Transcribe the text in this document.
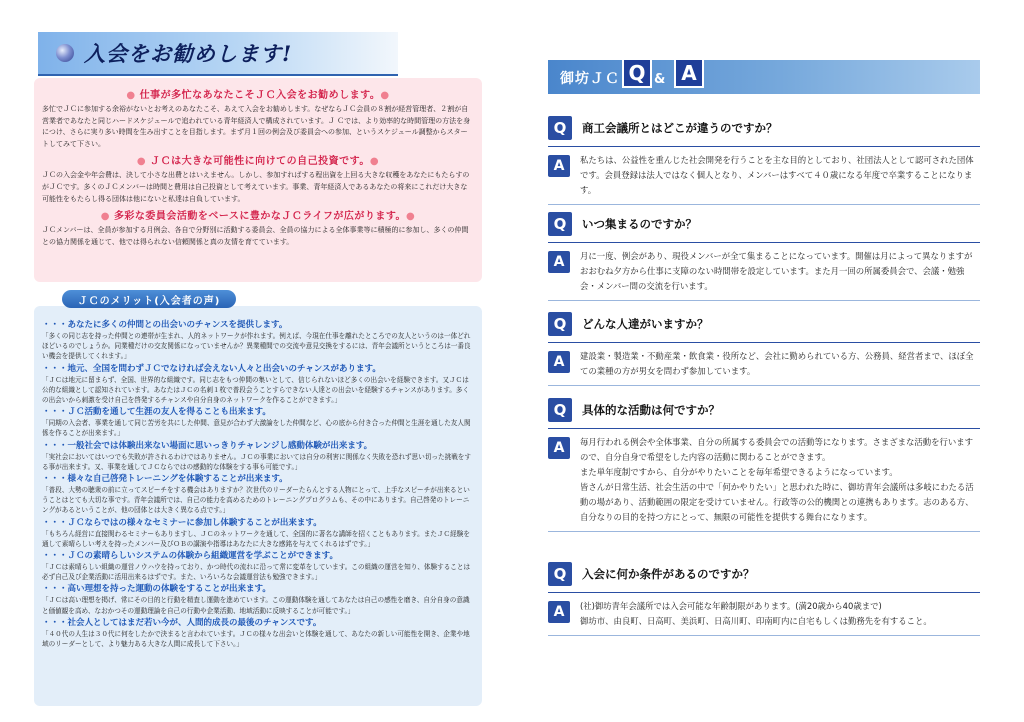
入会をお勧めします!
● 仕事が多忙なあなたこそＪＣ入会をお勧めします。●
多忙でＪＣに参加する余裕がないとお考えのあなたこそ、あえて入会をお勧めします。なぜならＪＣ会員の８割が経営管理者、２割が自営業者であなたと同じハードスケジュールで追われている青年経済人で構成されています。Ｊ Ｃでは、より効率的な時間管理の方法を身につけ、さらに実り多い時間を生み出すことを目指します。まず月１回の例会及び委員会への参加、というスケジュール調整からスタートしてみて下さい。
● ＪＣは大きな可能性に向けての自己投資です。●
ＪＣの入会金や年会費は、決して小さな出費とはいえません。しかし、参加すればする程出資を上回る大きな収穫をあなたにもたらすのがＪＣです。多くのＪＣメンバーは時間と費用は自己投資として考えています。事業、青年経済人であるあなたの将来にこれだけ大きな可能性をもたらし得る団体は他にないと私達は自負しています。
● 多彩な委員会活動をベースに豊かなＪＣライフが広がります。●
ＪＣメンバーは、全員が参加する月例会、各自で分野別に活動する委員会、全員の協力による全体事業等に積極的に参加し、多くの仲間との協力関係を通じて、他では得られない信頼関係と真の友情を育てています。
・・・あなたに多くの仲間との出会いのチャンスを提供します。
「多くの同じ志を持った仲間との連帯が生まれ、人的ネットワークが作れます。例えば、今現在仕事を離れたところでの友人というのは一体どれほどいるのでしょうか。同業種だけの交友関係になっていませんか？異業種間での交流や意見交換をするには、青年会議所というところは一番良い機会を提供してくれます。」
・・・地元、全国を問わずＪＣでなければ会えない人々と出会いのチャンスがあります。
「ＪＣは地元に留まらず、全国、世界的な組織です。同じ志をもつ仲間の集いとして、信じられないほど多くの出会いを経験できます。又ＪＣは公的な組織として認知されています。あなたはＪＣの名刺１枚で普段会うことすらできない人達との出会いを経験するチャンスがあります。多くの出会いから刺激を受け自己を啓発するチャンスや自分自身のネットワークを作ることができます。」
・・・ＪＣ活動を通して生涯の友人を得ることも出来ます。
「同期の入会者、事業を通して同じ苦労を共にした仲間、意見が合わず大激論をした仲間など、心の底から付き合った仲間と生涯を通した友人関係を作ることが出来ます。」
・・・一般社会では体験出来ない場面に思いっきりチャレンジし感動体験が出来ます。
「実社会においてはいつでも失敗が許されるわけではありません。ＪＣの事業においては自分の利害に関係なく失敗を恐れず思い切った挑戦をする事が出来ます。又、事業を通してＪＣならではの感動的な体験をする事も可能です。」
・・・様々な自己啓発トレーニングを体験することが出来ます。
「普段、大勢の聴衆の前に立ってスピーチをする機会はありますか？次世代のリーダーたらんとする人物にとって、上手なスピーチが出来るということはとても大切な事です。青年会議所では、自己の能力を高めるためのトレーニングプログラムも、その中にあります。自己啓発のトレーニングがあるということが、他の団体とは大きく異なる点です。」
・・・ＪＣならではの様々なセミナーに参加し体験することが出来ます。
「もちろん経営に直接関わるセミナーもありますし、ＪＣのネットワークを通して、全国的に著名な講師を招くこともあります。またＪＣ経験を通して素晴らしい考えを持ったメンバー及びＯＢの講演や指導はあなたに大きな感銘を与えてくれるはずです。」
・・・ＪＣの素晴らしいシステムの体験から組織運営を学ぶことができます。
「ＪＣは素晴らしい組織の運営ノウハウを持っており、かつ時代の流れに沿って常に変革をしています。この組織の運営を知り、体験することは必ず自己及び企業活動に活用出来るはずです。また、いろいろな会議運営法も勉強できます。」
・・・高い理想を持った運動の体験をすることが出来ます。
「ＪＣは高い理想を掲げ、常にその目的と行動を精査し運動を進めています。この運動体験を通してあなたは自己の感性を磨き、自分自身の意識と価値観を高め、なおかつその運動理論を自己の行動や企業活動、地域活動に反映することが可能です。」
・・・社会人としてはまだ若い今が、人間的成長の最後のチャンスです。
「４０代の人生は３０代に何をしたかで決まると言われています。ＪＣの様々な出会いと体験を通して、あなたの新しい可能性を開き、企業や地域のリーダーとして、より魅力ある大きな人間に成長して下さい。」
ＪＣのメリット(入会者の声)
御坊ＪＣ Q & A
Q	商工会議所とはどこが違うのですか？
A	私たちは、公益性を重んじた社会開発を行うことを主な目的としており、社団法人として認可された団体です。会員登録は法人ではなく個人となり、メンバーはすべて４０歳になる年度で卒業することになります。
Q	いつ集まるのですか？
A	月に一度、例会があり、現役メンバーが全て集まることになっています。開催は月によって異なりますがおおむね夕方から仕事に支障のない時間帯を設定しています。また月一回の所属委員会で、会議・勉強会・メンバー間の交流を行います。
Q	どんな人達がいますか？
A	建設業・製造業・不動産業・飲食業・役所など、会社に勤められている方、公務員、経営者まで、ほぼ全ての業種の方が男女を問わず参加しています。
Q	具体的な活動は何ですか？
A	毎月行われる例会や全体事業、自分の所属する委員会での活動等になります。さまざまな活動を行いますので、自分自身で希望をした内容の活動に関わることができます。
また単年度制ですから、自分がやりたいことを毎年希望できるようになっています。
皆さんが日常生活、社会生活の中で「何かやりたい」と思われた時に、御坊青年会議所は多岐にわたる活動の場があり、活動範囲の限定を受けていません。行政等の公的機関との連携もあります。志のある方、自分なりの目的を持つ方にとって、無限の可能性を提供する舞台になります。
Q	入会に何か条件があるのですか？
A	(社)御坊青年会議所では入会可能な年齢制限があります。(満20歳から40歳まで)
御坊市、由良町、日高町、美浜町、日高川町、印南町内に自宅もしくは勤務先を有すること。
